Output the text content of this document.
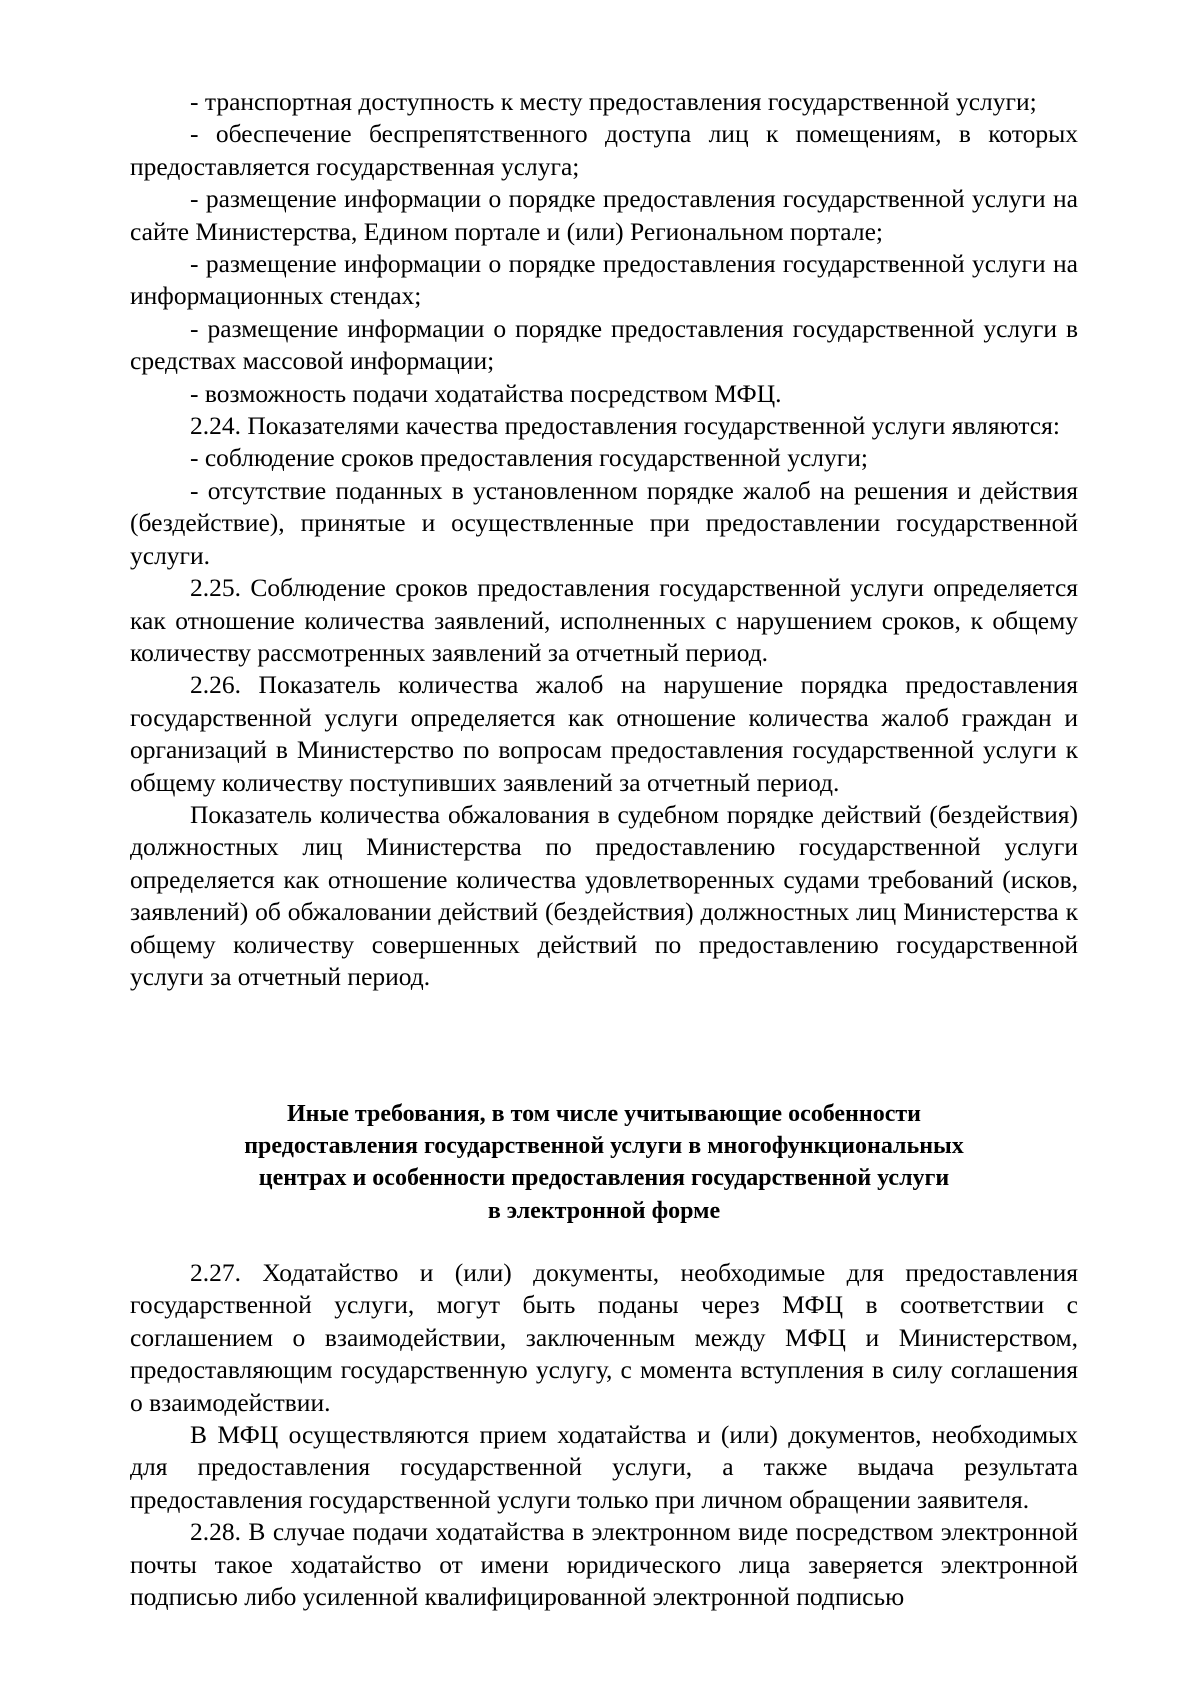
- транспортная доступность к месту предоставления государственной услуги;

- обеспечение беспрепятственного доступа лиц к помещениям, в которых предоставляется государственная услуга;

- размещение информации о порядке предоставления государственной услуги на сайте Министерства, Едином портале и (или) Региональном портале;

- размещение информации о порядке предоставления государственной услуги на информационных стендах;

- размещение информации о порядке предоставления государственной услуги в средствах массовой информации;

- возможность подачи ходатайства посредством МФЦ.

2.24. Показателями качества предоставления государственной услуги являются:

- соблюдение сроков предоставления государственной услуги;

- отсутствие поданных в установленном порядке жалоб на решения и действия (бездействие), принятые и осуществленные при предоставлении государственной услуги.

2.25. Соблюдение сроков предоставления государственной услуги определяется как отношение количества заявлений, исполненных с нарушением сроков, к общему количеству рассмотренных заявлений за отчетный период.

2.26. Показатель количества жалоб на нарушение порядка предоставления государственной услуги определяется как отношение количества жалоб граждан и организаций в Министерство по вопросам предоставления государственной услуги к общему количеству поступивших заявлений за отчетный период.

Показатель количества обжалования в судебном порядке действий (бездействия) должностных лиц Министерства по предоставлению государственной услуги определяется как отношение количества удовлетворенных судами требований (исков, заявлений) об обжаловании действий (бездействия) должностных лиц Министерства к общему количеству совершенных действий по предоставлению государственной услуги за отчетный период.

Иные требования, в том числе учитывающие особенности
предоставления государственной услуги в многофункциональных
центрах и особенности предоставления государственной услуги
в электронной форме

2.27. Ходатайство и (или) документы, необходимые для предоставления государственной услуги, могут быть поданы через МФЦ в соответствии с соглашением о взаимодействии, заключенным между МФЦ и Министерством, предоставляющим государственную услугу, с момента вступления в силу соглашения о взаимодействии.

В МФЦ осуществляются прием ходатайства и (или) документов, необходимых для предоставления государственной услуги, а также выдача результата предоставления государственной услуги только при личном обращении заявителя.

2.28. В случае подачи ходатайства в электронном виде посредством электронной почты такое ходатайство от имени юридического лица заверяется электронной подписью либо усиленной квалифицированной электронной подписью
